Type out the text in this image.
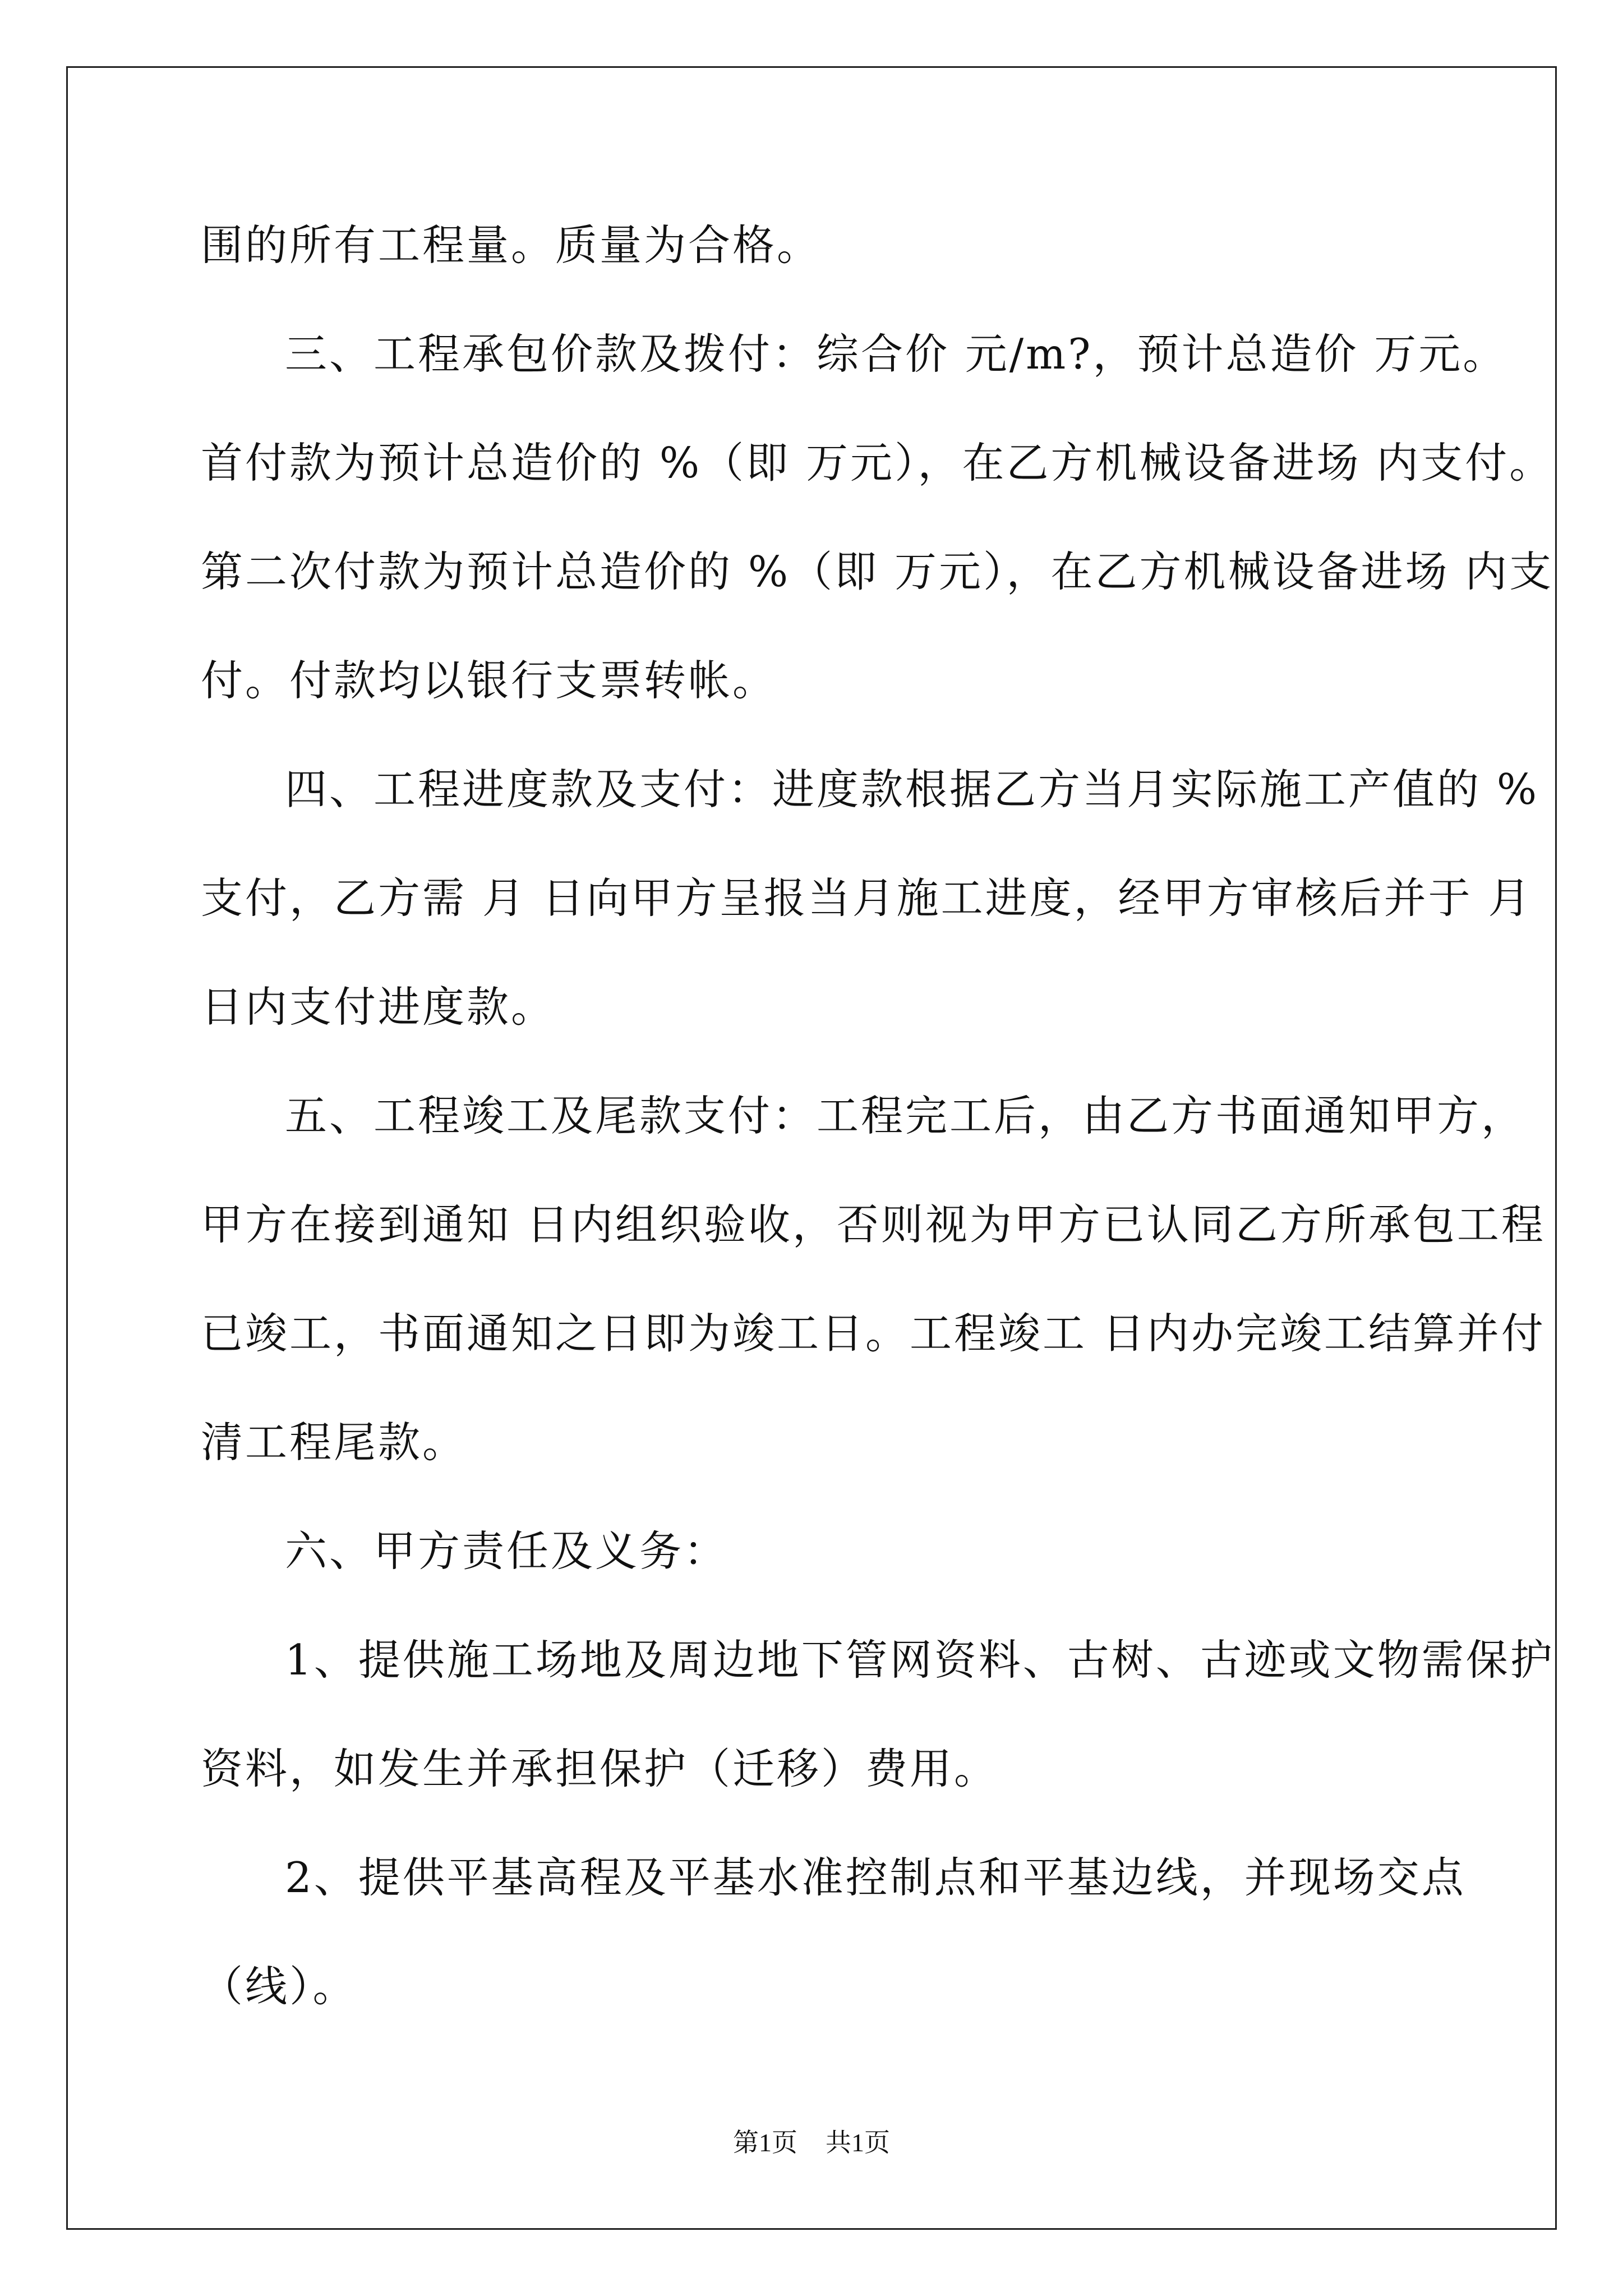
围的所有工程量。质量为合格。
三、工程承包价款及拨付：综合价 元/m?，预计总造价 万元。
首付款为预计总造价的 %（即 万元），在乙方机械设备进场 内支付。
第二次付款为预计总造价的 %（即 万元），在乙方机械设备进场 内支
付。付款均以银行支票转帐。
四、工程进度款及支付：进度款根据乙方当月实际施工产值的 %
支付，乙方需 月 日向甲方呈报当月施工进度，经甲方审核后并于 月
日内支付进度款。
五、工程竣工及尾款支付：工程完工后，由乙方书面通知甲方，
甲方在接到通知 日内组织验收，否则视为甲方已认同乙方所承包工程
已竣工，书面通知之日即为竣工日。工程竣工 日内办完竣工结算并付
清工程尾款。
六、甲方责任及义务：
1、提供施工场地及周边地下管网资料、古树、古迹或文物需保护
资料，如发生并承担保护（迁移）费用。
2、提供平基高程及平基水准控制点和平基边线，并现场交点
（线）。
第1页 共1页
